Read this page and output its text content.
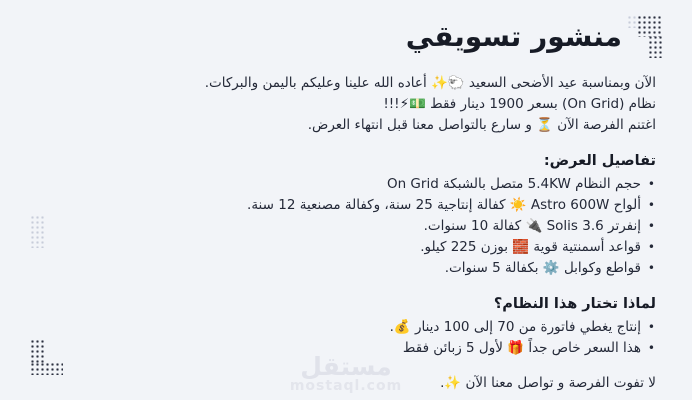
منشور تسويقي
الآن وبمناسبة عيد الأضحى السعيد 🐑✨ أعاده الله علينا وعليكم باليمن والبركات.
نظام (On Grid) بسعر 1900 دينار فقط 💵⚡!!!
اغتنم الفرصة الآن ⏳ و سارع بالتواصل معنا قبل انتهاء العرض.
تفاصيل العرض:
• حجم النظام 5.4KW متصل بالشبكة On Grid
• ألواح Astro 600W ☀️ كفالة إنتاجية 25 سنة، وكفالة مصنعية 12 سنة.
• إنفرتر Solis 3.6 🔌 كفالة 10 سنوات.
• قواعد أسمنتية قوية 🧱 بوزن 225 كيلو.
• قواطع وكوابل ⚙️ بكفالة 5 سنوات.
لماذا تختار هذا النظام؟
• إنتاج يغطي فاتورة من 70 إلى 100 دينار 💰.
• هذا السعر خاص جداً 🎁 لأول 5 زبائن فقط

لا تفوت الفرصة و تواصل معنا الآن ✨.

مستقل
mostaql.com
